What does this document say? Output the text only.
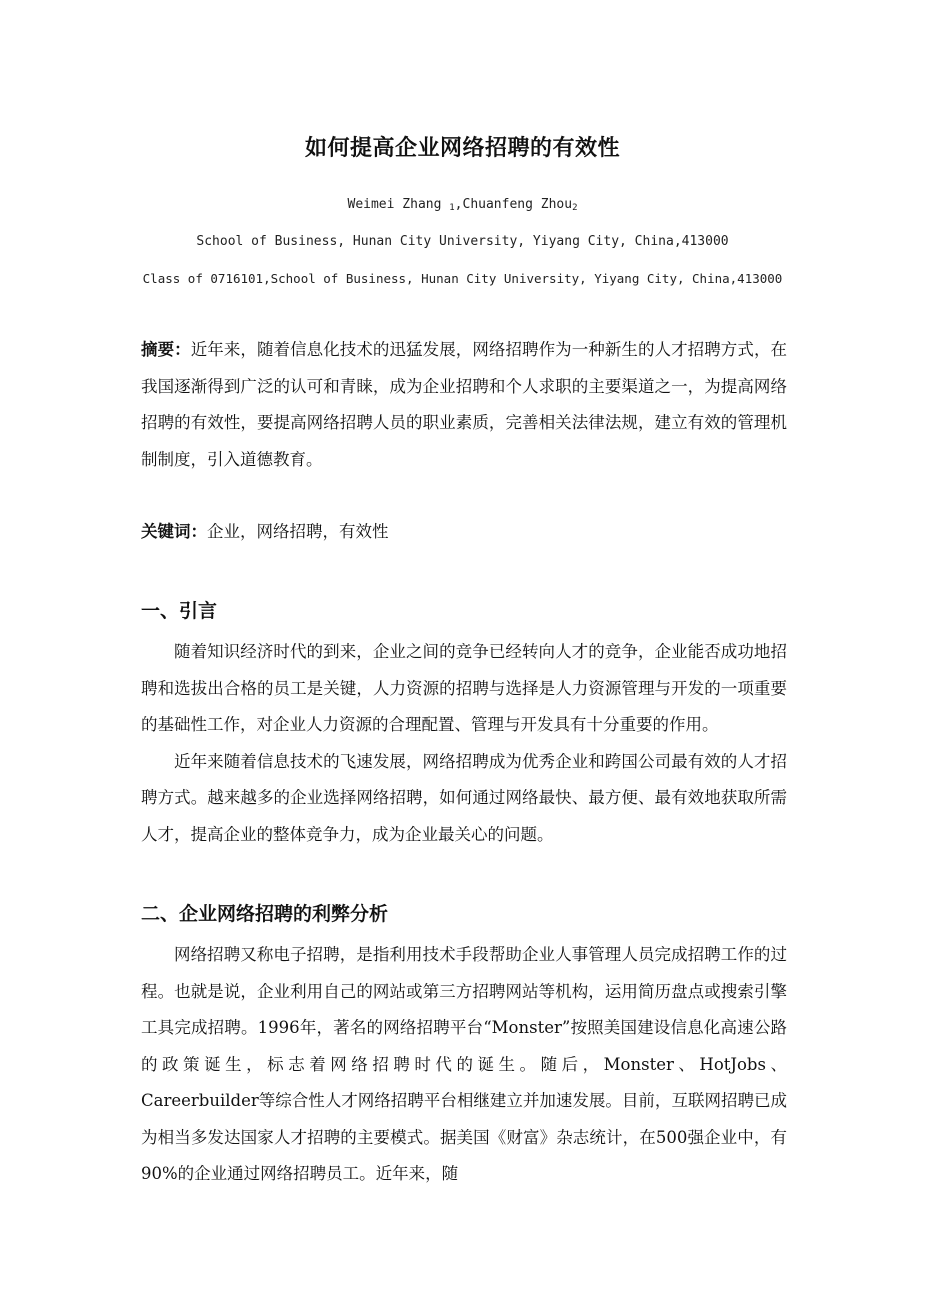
如何提高企业网络招聘的有效性
Weimei Zhang $_1$,Chuanfeng Zhou$_2$
School of Business, Hunan City University, Yiyang City, China,413000
Class of 0716101,School of Business, Hunan City University, Yiyang City, China,413000
摘要：近年来，随着信息化技术的迅猛发展，网络招聘作为一种新生的人才招聘方式，在我国逐渐得到广泛的认可和青睐，成为企业招聘和个人求职的主要渠道之一，为提高网络招聘的有效性，要提高网络招聘人员的职业素质，完善相关法律法规，建立有效的管理机制制度，引入道德教育。
关键词：企业，网络招聘，有效性
一、引言

随着知识经济时代的到来，企业之间的竞争已经转向人才的竞争，企业能否成功地招聘和选拔出合格的员工是关键，人力资源的招聘与选择是人力资源管理与开发的一项重要的基础性工作，对企业人力资源的合理配置、管理与开发具有十分重要的作用。

近年来随着信息技术的飞速发展，网络招聘成为优秀企业和跨国公司最有效的人才招聘方式。越来越多的企业选择网络招聘，如何通过网络最快、最方便、最有效地获取所需人才，提高企业的整体竞争力，成为企业最关心的问题。

二、企业网络招聘的利弊分析

网络招聘又称电子招聘，是指利用技术手段帮助企业人事管理人员完成招聘工作的过程。也就是说，企业利用自己的网站或第三方招聘网站等机构，运用简历盘点或搜索引擎工具完成招聘。1996年，著名的网络招聘平台“Monster”按照美国建设信息化高速公路的政策诞生，标志着网络招聘时代的诞生。随后，Monster、HotJobs、Careerbuilder等综合性人才网络招聘平台相继建立并加速发展。目前，互联网招聘已成为相当多发达国家人才招聘的主要模式。据美国《财富》杂志统计，在500强企业中，有90%的企业通过网络招聘员工。近年来，随
